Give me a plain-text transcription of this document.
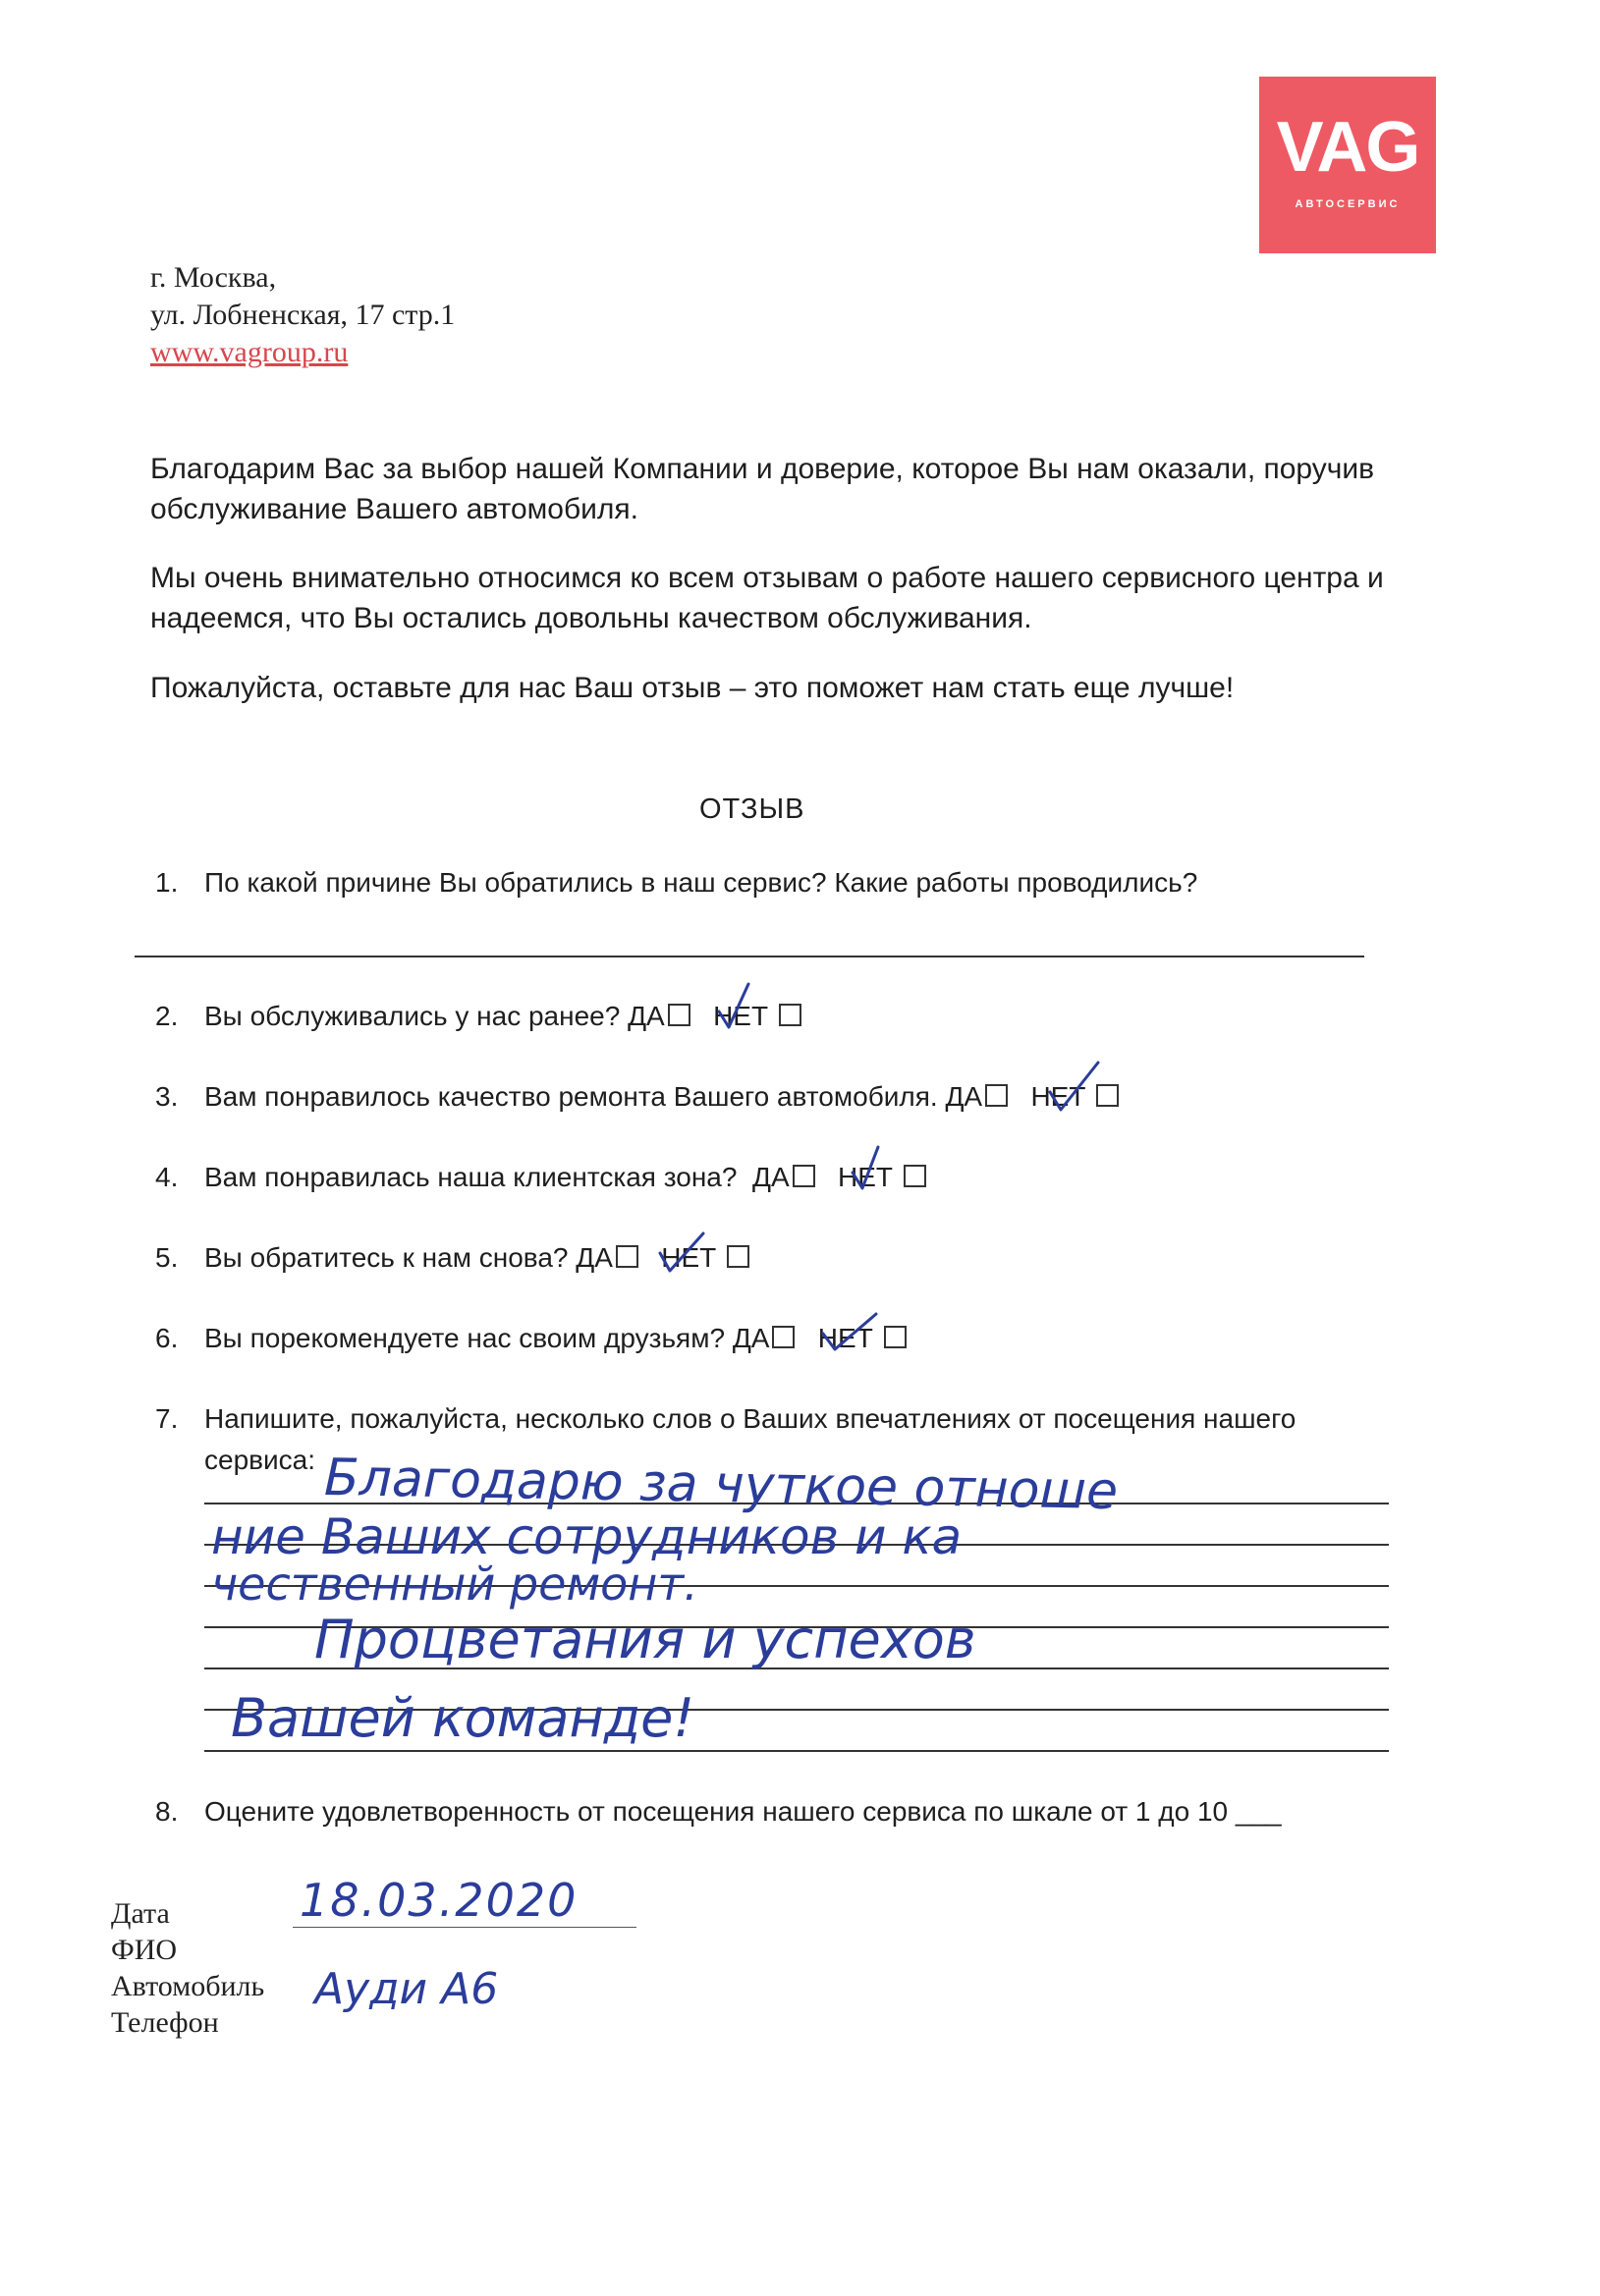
VAG
АВТОСЕРВИС
г. Москва,
ул. Лобненская, 17 стр.1
www.vagroup.ru
Благодарим Вас за выбор нашей Компании и доверие, которое Вы нам оказали, поручив обслуживание Вашего автомобиля.
Мы очень внимательно относимся ко всем отзывам о работе нашего сервисного центра и надеемся, что Вы остались довольны качеством обслуживания.
Пожалуйста, оставьте для нас Ваш отзыв – это поможет нам стать еще лучше!
ОТЗЫВ
1. По какой причине Вы обратились в наш сервис? Какие работы проводились?
2. Вы обслуживались у нас ранее? ДА НЕТ
3. Вам понравилось качество ремонта Вашего автомобиля. ДА НЕТ
4. Вам понравилась наша клиентская зона? ДА НЕТ
5. Вы обратитесь к нам снова? ДА НЕТ
6. Вы порекомендуете нас своим друзьям? ДА НЕТ
7. Напишите, пожалуйста, несколько слов о Ваших впечатлениях от посещения нашего
сервиса: Благодарю за чуткое отноше
ние Ваших сотрудников и ка
чественный ремонт.
Процветания и успехов
Вашей команде!
8. Оцените удовлетворенность от посещения нашего сервиса по шкале от 1 до 10 ___
Дата
ФИО
Автомобиль
Телефон
18.03.2020
Ауди А6
